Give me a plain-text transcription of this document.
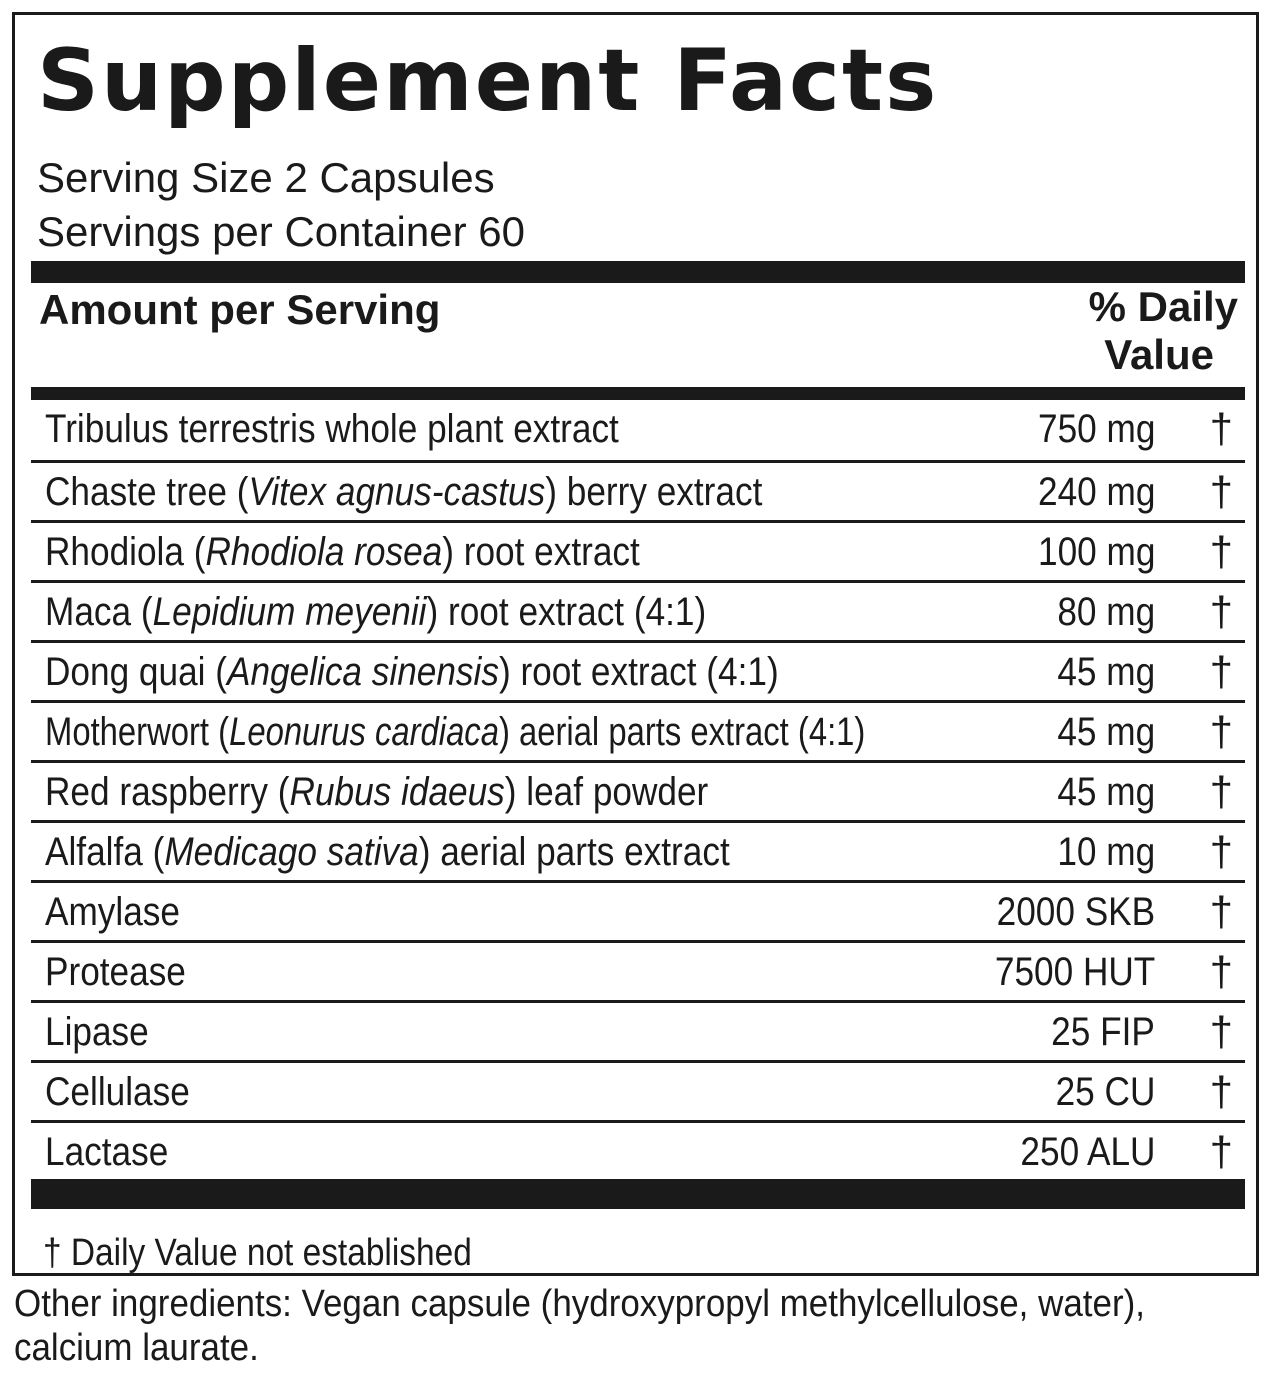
Supplement Facts
Serving Size 2 Capsules
Servings per Container 60
Amount per Serving	% Daily
Value
Tribulus terrestris whole plant extract	750 mg †
Chaste tree (Vitex agnus-castus) berry extract	240 mg †
Rhodiola (Rhodiola rosea) root extract	100 mg †
Maca (Lepidium meyenii) root extract (4:1)	80 mg †
Dong quai (Angelica sinensis) root extract (4:1)	45 mg †
Motherwort (Leonurus cardiaca) aerial parts extract (4:1)	45 mg †
Red raspberry (Rubus idaeus) leaf powder	45 mg †
Alfalfa (Medicago sativa) aerial parts extract	10 mg †
Amylase	2000 SKB †
Protease	7500 HUT †
Lipase	25 FIP †
Cellulase	25 CU †
Lactase	250 ALU †
† Daily Value not established
Other ingredients: Vegan capsule (hydroxypropyl methylcellulose, water),
calcium laurate.
